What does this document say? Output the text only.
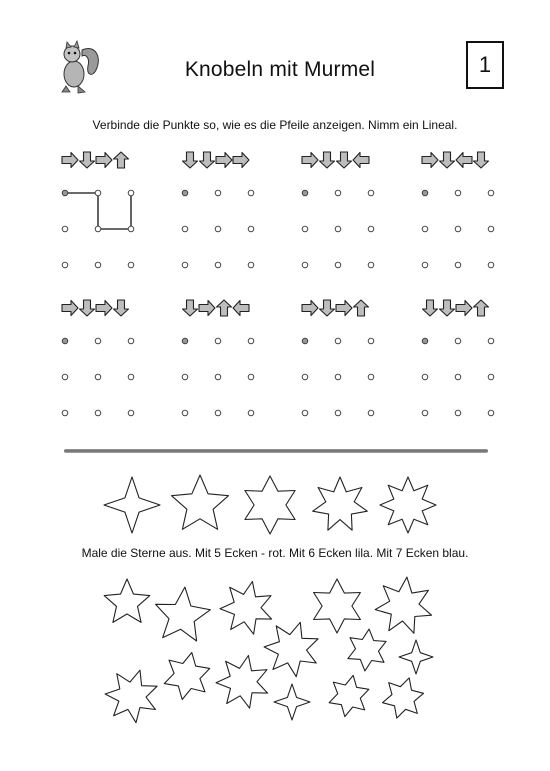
Knobeln mit Murmel	1
Verbinde die Punkte so, wie es die Pfeile anzeigen. Nimm ein Lineal.
Male die Sterne aus. Mit 5 Ecken - rot. Mit 6 Ecken lila. Mit 7 Ecken blau.
